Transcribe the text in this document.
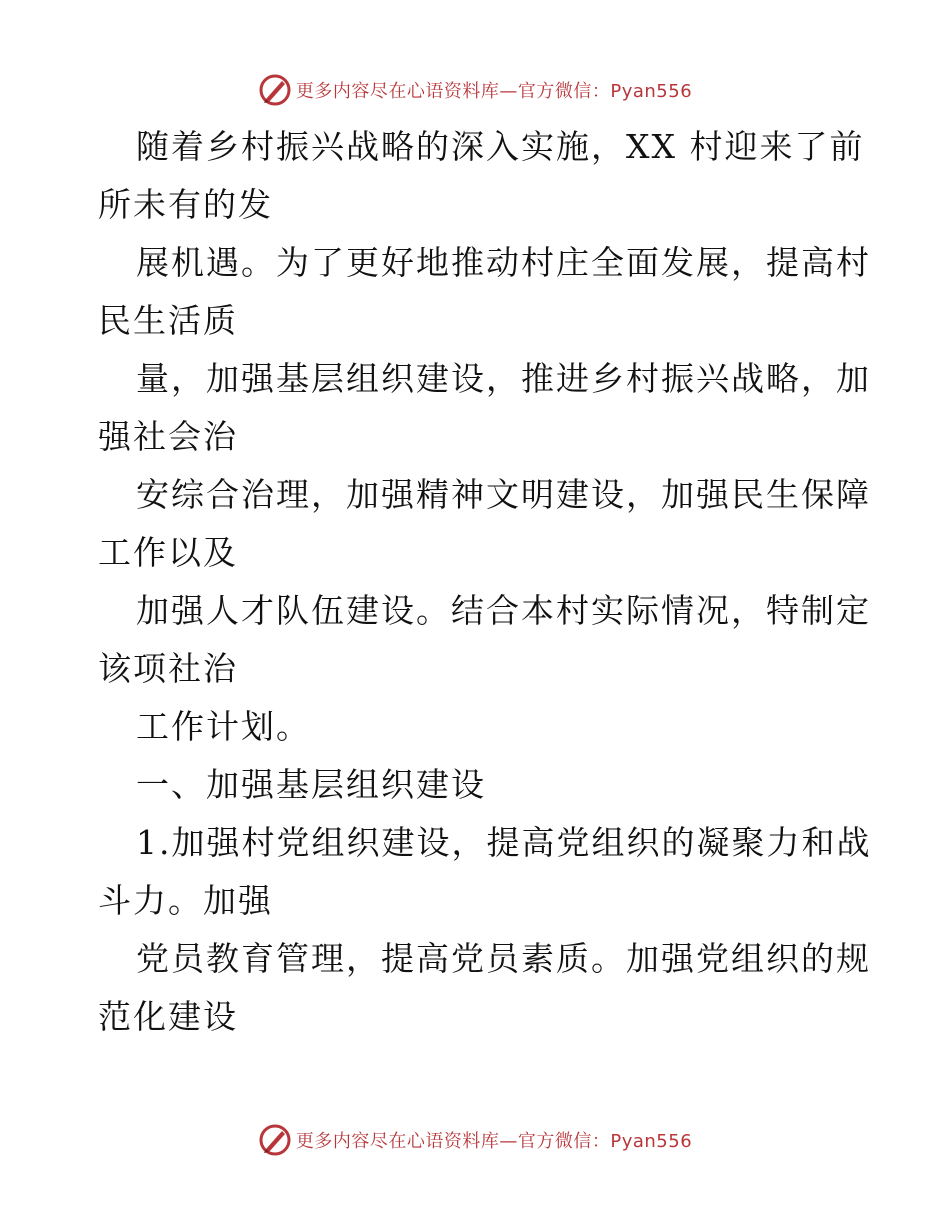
更多内容尽在心语资料库—官方微信：Pyan556
随着乡村振兴战略的深入实施，XX 村迎来了前
所未有的发
展机遇。为了更好地推动村庄全面发展，提高村
民生活质
量，加强基层组织建设，推进乡村振兴战略，加
强社会治
安综合治理，加强精神文明建设，加强民生保障
工作以及
加强人才队伍建设。结合本村实际情况，特制定
该项社治
工作计划。
一、加强基层组织建设
1.加强村党组织建设，提高党组织的凝聚力和战
斗力。加强
党员教育管理，提高党员素质。加强党组织的规
范化建设
更多内容尽在心语资料库—官方微信：Pyan556
